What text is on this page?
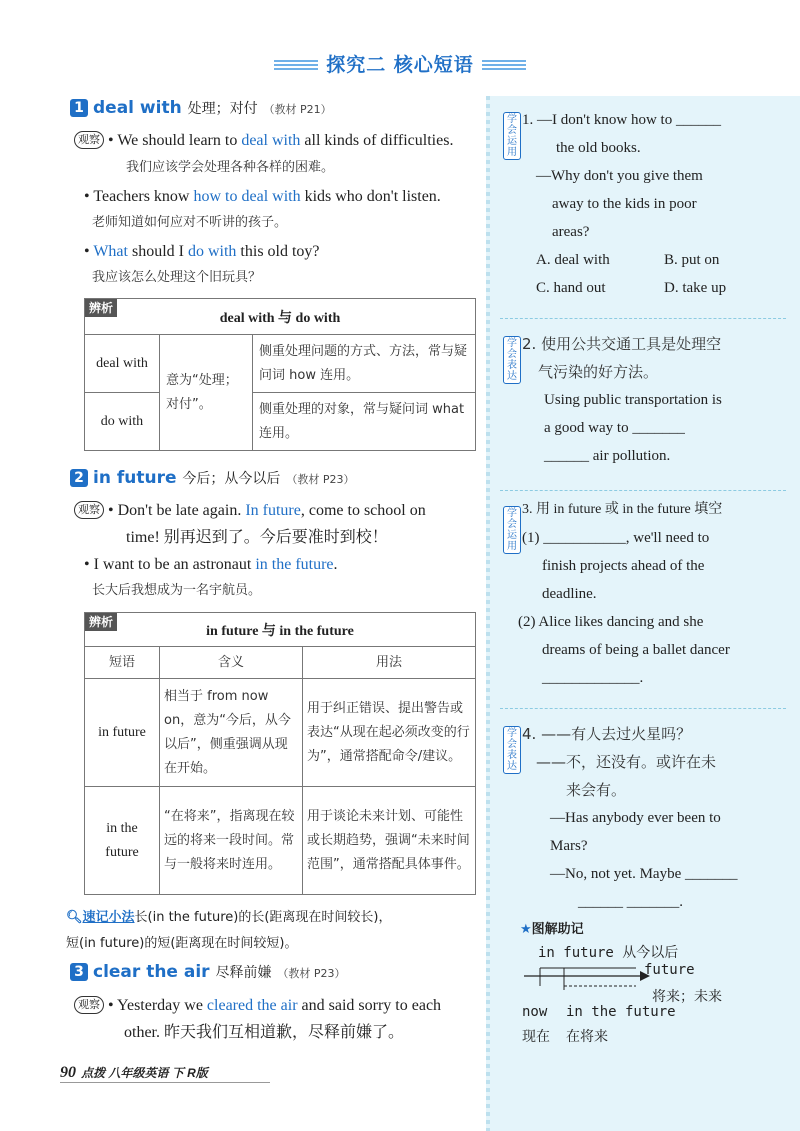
探究二 核心短语
1 deal with 处理；对付 （教材 P21）
观察 • We should learn to deal with all kinds of difficulties.
我们应该学会处理各种各样的困难。
• Teachers know how to deal with kids who don't listen.
老师知道如何应对不听讲的孩子。
• What should I do with this old toy?
我应该怎么处理这个旧玩具？
辨析
deal with 与 do with		
deal with	意为“处理；对付”。	侧重处理问题的方式、方法，常与疑问词 how 连用。
do with		侧重处理的对象，常与疑问词 what 连用。
2 in future 今后；从今以后 （教材 P23）
观察 • Don't be late again. In future, come to school on
time! 别再迟到了。今后要准时到校！
• I want to be an astronaut in the future.
长大后我想成为一名宇航员。
辨析
in future 与 in the future		
短语	含义	用法
in future	相当于 from now on，意为“今后，从今以后”，侧重强调从现在开始。	用于纠正错误、提出警告或表达“从现在起必须改变的行为”，通常搭配命令/建议。
in the
future	“在将来”，指离现在较远的将来一段时间。常与一般将来时连用。	用于谈论未来计划、可能性或长期趋势，强调“未来时间范围”，通常搭配具体事件。
🔍︎速记小法长(in the future)的长(距离现在时间较长)，
短(in future)的短(距离现在时间较短)。
3 clear the air 尽释前嫌 （教材 P23）
观察 • Yesterday we cleared the air and said sorry to each
other. 昨天我们互相道歉，尽释前嫌了。
90 点拨 八年级英语 下 R版
学会运用
1. —I don't know how to ______
the old books.
—Why don't you give them
away to the kids in poor
areas?
A. deal with	B. put on
C. hand out	D. take up
学会表达
2. 使用公共交通工具是处理空
气污染的好方法。
Using public transportation is
a good way to _______
______ air pollution.
学会运用
3. 用 in future 或 in the future 填空
(1) ___________, we'll need to
finish projects ahead of the
deadline.
(2) Alice likes dancing and she
dreams of being a ballet dancer
_____________.
学会表达
4. ——有人去过火星吗？
——不，还没有。或许在未
来会有。
—Has anybody ever been to
Mars?
—No, not yet. Maybe _______
______ _______.
★图解助记
in future 从今以后
future
将来；未来
now in the future
现在 在将来
